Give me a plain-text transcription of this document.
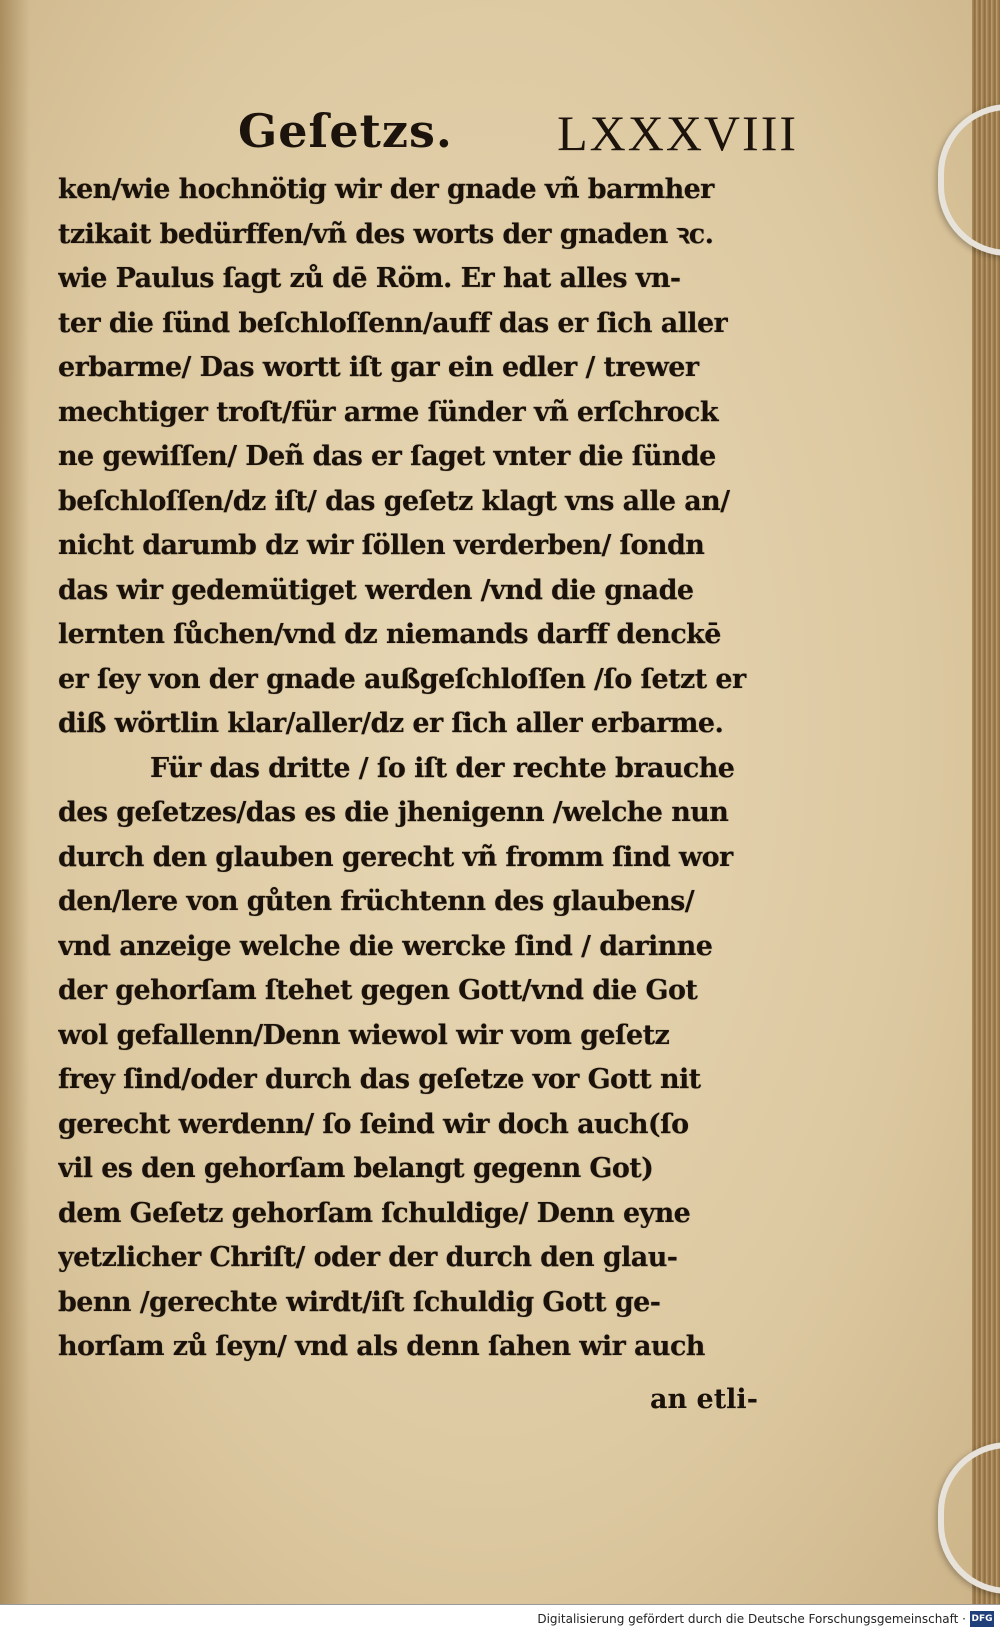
Geſetzs. LXXXVIII
ken/wie hochnötig wir der gnade vñ barmher
tzikait bedürffen/vñ des worts der gnaden ꝛc.
wie Paulus ſagt zů dē Röm. Er hat alles vn-
ter die ſünd beſchloſſenn/auff das er ſich aller
erbarme/ Das wortt iſt gar ein edler / trewer
mechtiger troſt/für arme ſünder vñ erſchrock
ne gewiſſen/ Deñ das er ſaget vnter die ſünde
beſchloſſen/dz iſt/ das geſetz klagt vns alle an/
nicht darumb dz wir ſöllen verderben/ ſondn
das wir gedemütiget werden /vnd die gnade
lernten ſůchen/vnd dz niemands darff denckē
er ſey von der gnade außgeſchloſſen /ſo ſetzt er
diß wörtlin klar/aller/dz er ſich aller erbarme.
Für das dritte / ſo iſt der rechte brauche
des geſetzes/das es die jhenigenn /welche nun
durch den glauben gerecht vñ fromm ſind wor
den/lere von gůten früchtenn des glaubens/
vnd anzeige welche die wercke ſind / darinne
der gehorſam ſtehet gegen Gott/vnd die Got
wol gefallenn/Denn wiewol wir vom geſetz
frey ſind/oder durch das geſetze vor Gott nit
gerecht werdenn/ ſo ſeind wir doch auch(ſo
vil es den gehorſam belangt gegenn Got)
dem Geſetz gehorſam ſchuldige/ Denn eyne
yetzlicher Chriſt/ oder der durch den glau-
benn /gerechte wirdt/iſt ſchuldig Gott ge-
horſam zů ſeyn/ vnd als denn ſahen wir auch
an etli-
Digitalisierung gefördert durch die Deutsche Forschungsgemeinschaft · DFG
